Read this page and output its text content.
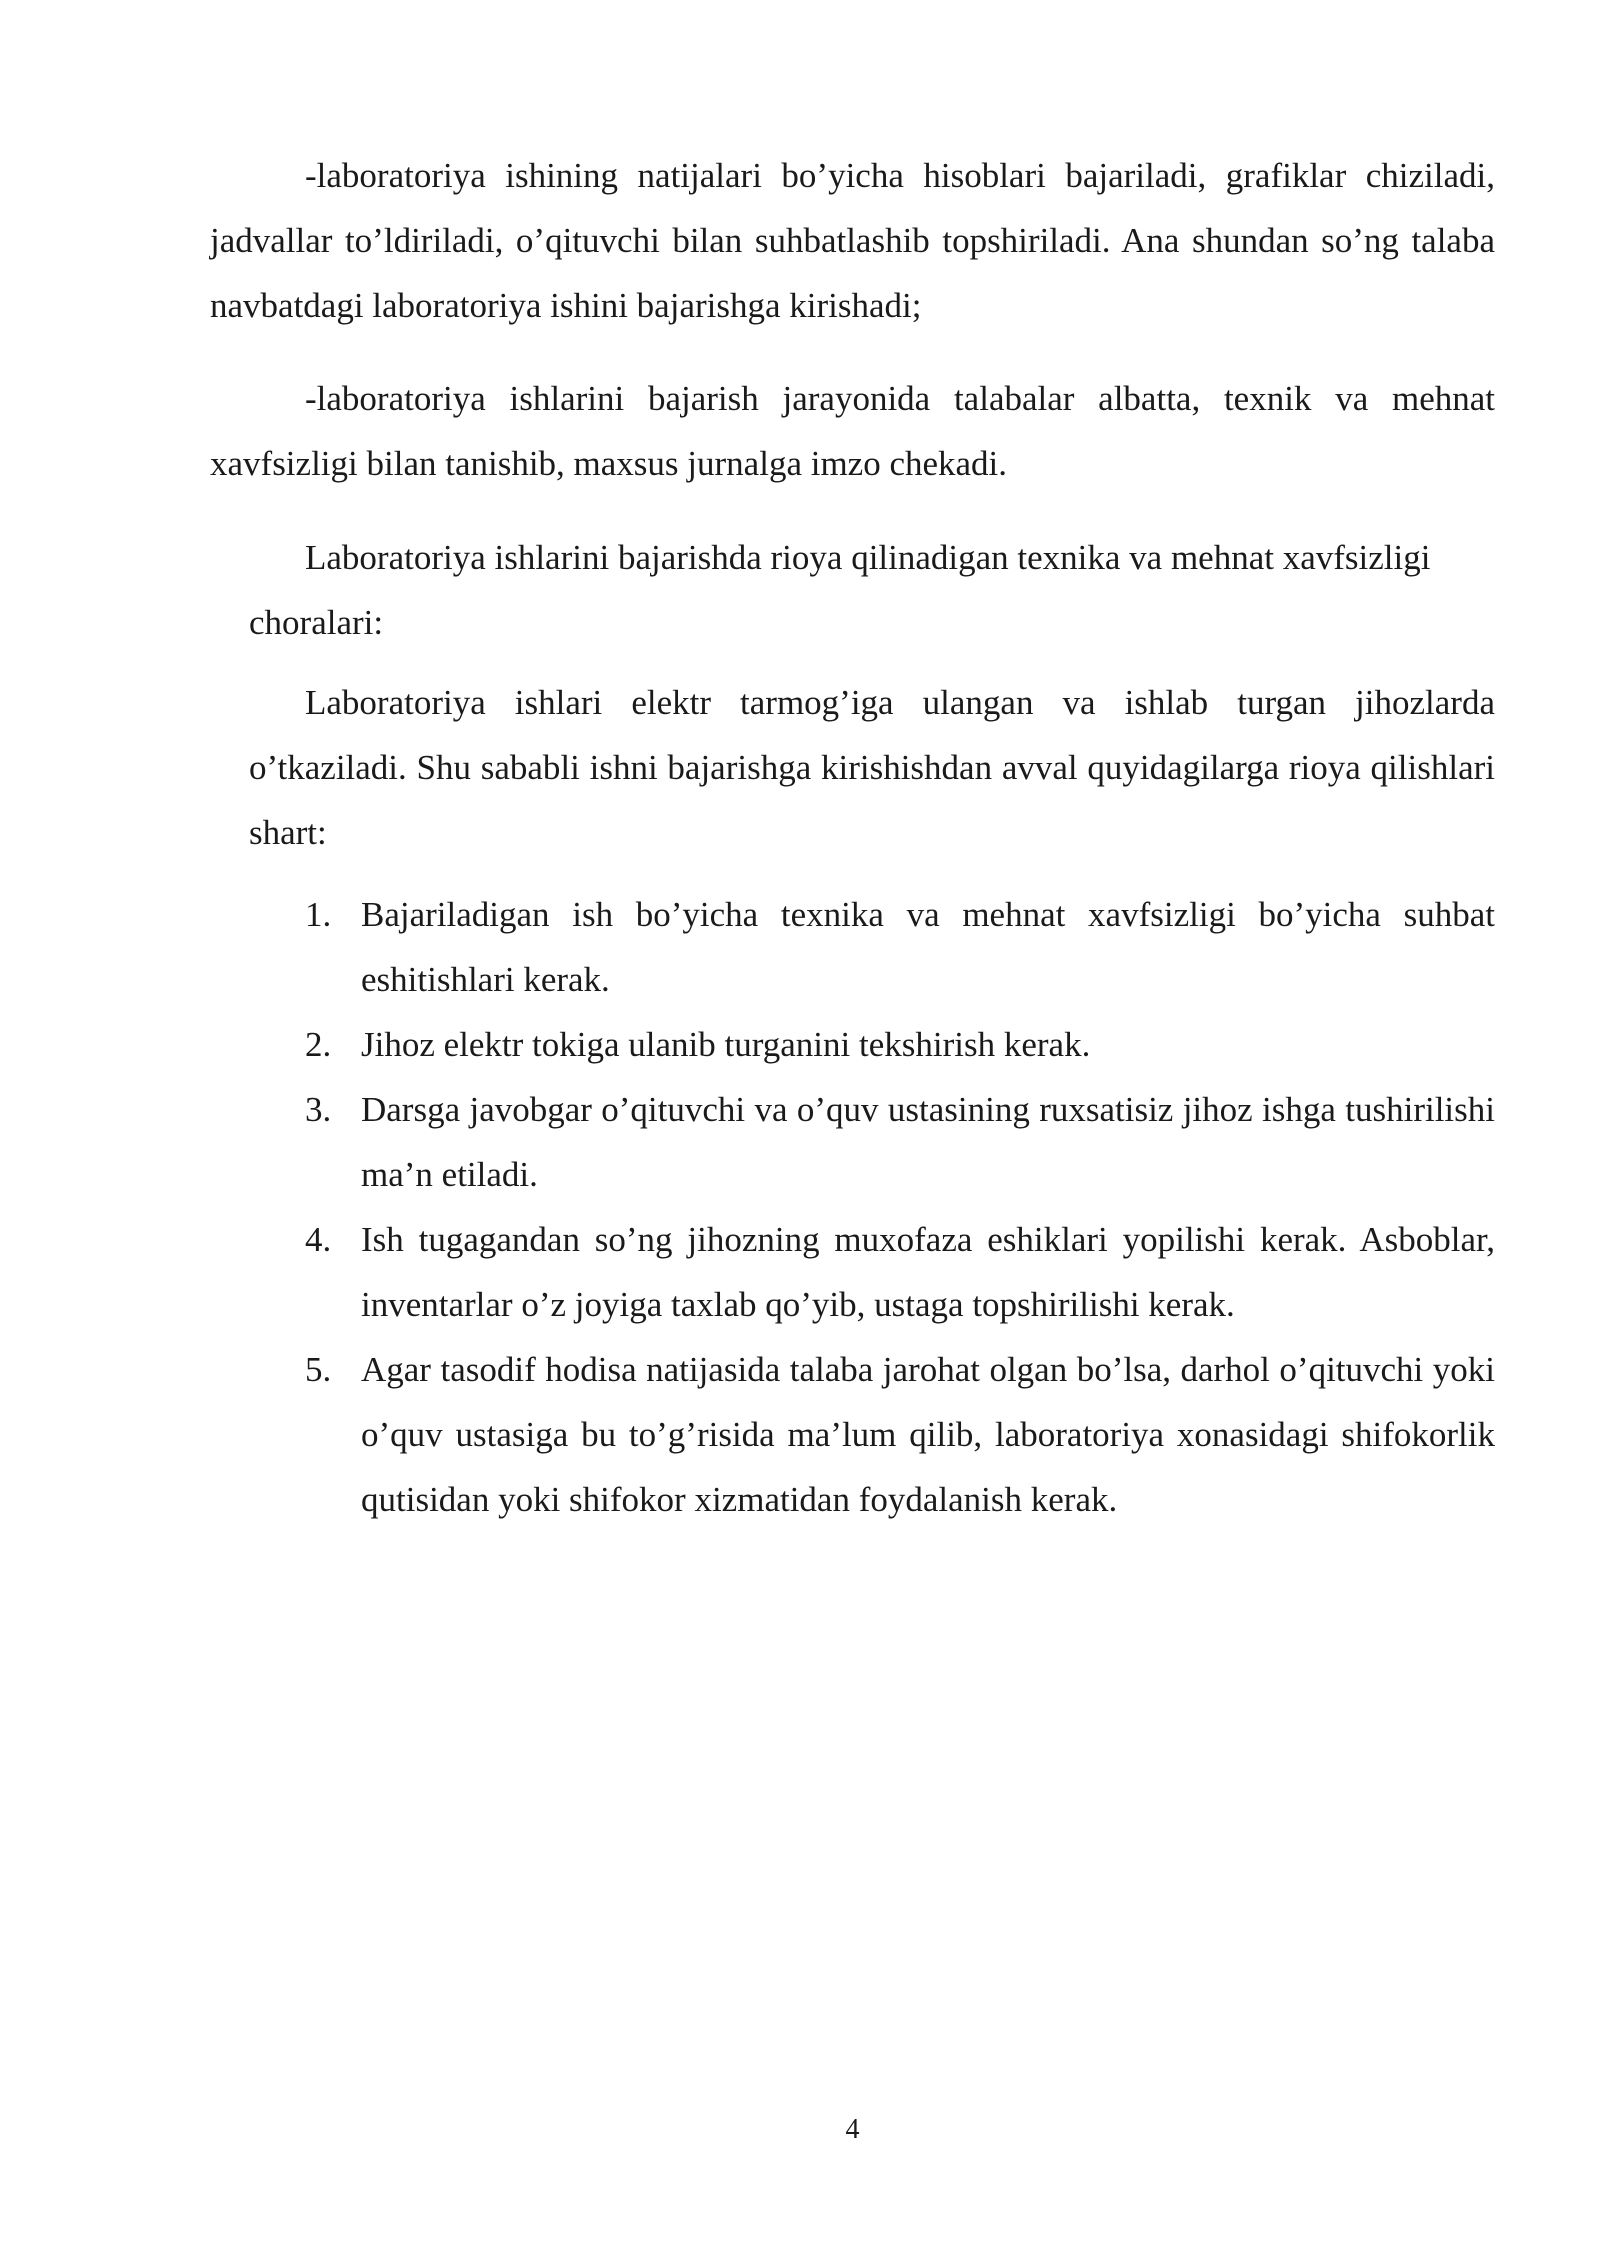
-laboratoriya ishining natijalari bo’yicha hisoblari bajariladi, grafiklar chiziladi, jadvallar to’ldiriladi, o’qituvchi bilan suhbatlashib topshiriladi. Ana shundan so’ng talaba navbatdagi laboratoriya ishini bajarishga kirishadi;

-laboratoriya ishlarini bajarish jarayonida talabalar albatta, texnik va mehnat xavfsizligi bilan tanishib, maxsus jurnalga imzo chekadi.

Laboratoriya ishlarini bajarishda rioya qilinadigan texnika va mehnat xavfsizligi choralari:

Laboratoriya ishlari elektr tarmog’iga ulangan va ishlab turgan jihozlarda o’tkaziladi. Shu sababli ishni bajarishga kirishishdan avval quyidagilarga rioya qilishlari shart:

1. Bajariladigan ish bo’yicha texnika va mehnat xavfsizligi bo’yicha suhbat eshitishlari kerak.
2. Jihoz elektr tokiga ulanib turganini tekshirish kerak.
3. Darsga javobgar o’qituvchi va o’quv ustasining ruxsatisiz jihoz ishga tushirilishi ma’n etiladi.
4. Ish tugagandan so’ng jihozning muxofaza eshiklari yopilishi kerak. Asboblar, inventarlar o’z joyiga taxlab qo’yib, ustaga topshirilishi kerak.
5. Agar tasodif hodisa natijasida talaba jarohat olgan bo’lsa, darhol o’qituvchi yoki o’quv ustasiga bu to’g’risida ma’lum qilib, laboratoriya xonasidagi shifokorlik qutisidan yoki shifokor xizmatidan foydalanish kerak.
4
